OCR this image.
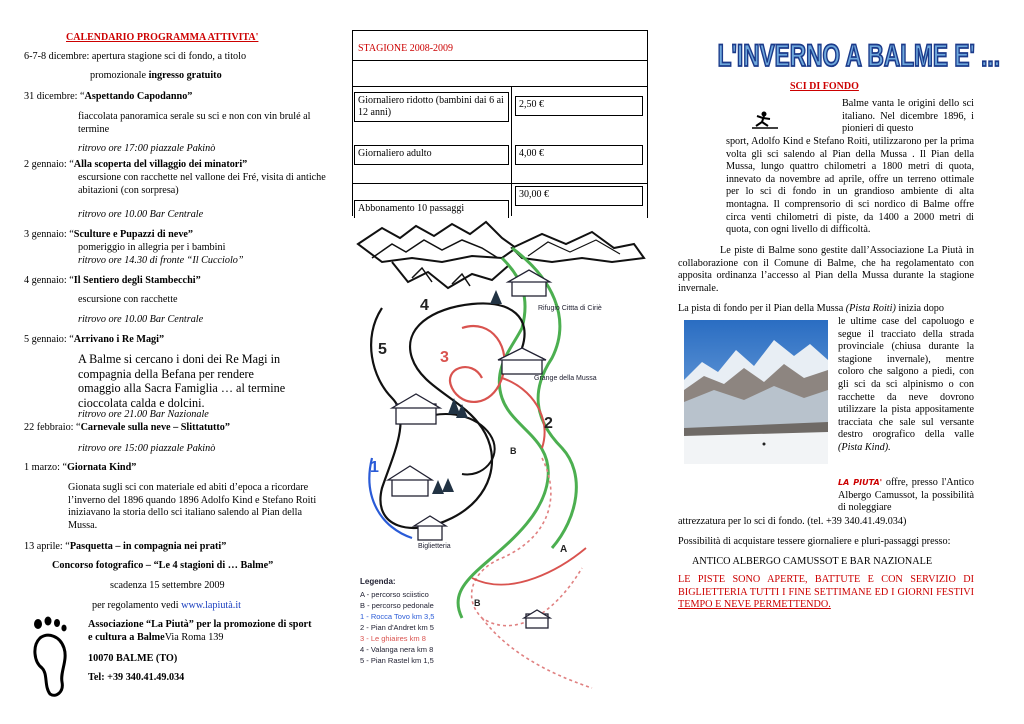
CALENDARIO PROGRAMMA ATTIVITA'
6-7-8 dicembre: apertura stagione sci di fondo, a titolo
promozionale ingresso gratuito
31 dicembre: “Aspettando Capodanno”
fiaccolata panoramica serale su sci e non con vin brulé al termine
ritrovo ore 17:00 piazzale Pakinò
2 gennaio: “Alla scoperta del villaggio dei minatori”
escursione con racchette nel vallone dei Fré, visita di antiche abitazioni (con sorpresa)
ritrovo ore 10.00 Bar Centrale
3 gennaio: “Sculture e Pupazzi di neve”
pomeriggio in allegria per i bambini
ritrovo ore 14.30 di fronte “Il Cucciolo”
4 gennaio: “Il Sentiero degli Stambecchi”
escursione con racchette
ritrovo ore 10.00 Bar Centrale
5 gennaio: “Arrivano i Re Magi”
A Balme si cercano i doni dei Re Magi in compagnia della Befana per rendere omaggio alla Sacra Famiglia … al termine cioccolata calda e dolcini.
ritrovo ore 21.00 Bar Nazionale
22 febbraio: “Carnevale sulla neve – Slittatutto”
ritrovo ore 15:00 piazzale Pakinò
1 marzo: “Giornata Kind”
Gionata sugli sci con materiale ed abiti d’epoca a ricordare l’inverno del 1896 quando 1896 Adolfo Kind e Stefano Roiti iniziavano la storia dello sci italiano salendo al Pian della Mussa.
13 aprile: “Pasquetta – in compagnia nei prati”
Concorso fotografico – “Le 4 stagioni di … Balme”
scadenza 15 settembre 2009
per regolamento vedi www.lapiutà.it
Associazione “La Piutà” per la promozione di sport e cultura a BalmeVia Roma 139
10070 BALME (TO)
Tel: +39 340.41.49.034
STAGIONE 2008-2009
Giornaliero ridotto (bambini dai 6 ai 12 anni)
2,50 €
Giornaliero adulto	4,00 €
Abbonamento 10 passaggi
30,00 €
4
5	3
2
1
B
A
B
Rifugio Cittta di Ciriè
Grange della Mussa
Biglietteria
Legenda:
A - percorso sciistico
B - percorso pedonale
1 - Rocca Tovo km 3,5
2 - Pian d'Andret km 5
3 - Le ghiaires km 8
4 - Valanga nera km 8
5 - Pian Rastel km 1,5
L'INVERNO A BALME E' ...
SCI DI FONDO
Balme vanta le origini dello sci italiano. Nel dicembre 1896, i pionieri di questo
sport, Adolfo Kind e Stefano Roiti, utilizzarono per la prima volta gli sci salendo al Pian della Mussa . Il Pian della Mussa, lungo quattro chilometri a 1800 metri di quota, innevato da novembre ad aprile, offre un terreno ottimale per lo sci di fondo in un grandioso ambiente di alta montagna. Il comprensorio di sci nordico di Balme offre circa venti chilometri di piste, da 1400 a 2000 metri di quota, con ogni livello di difficoltà.
Le piste di Balme sono gestite dall’Associazione La Piutà in collaborazione con il Comune di Balme, che ha regolamentato con apposita ordinanza l’accesso al Pian della Mussa durante la stagione invernale.
La pista di fondo per il Pian della Mussa (Pista Roiti) inizia dopo
le ultime case del capoluogo e segue il tracciato della strada provinciale (chiusa durante la stagione invernale), mentre coloro che salgono a piedi, con gli sci da sci alpinismo o con racchette da neve dovrono utilizzare la pista appositamente tracciata che sale sul versante destro orografico della valle (Pista Kind).
LA PIUTA' offre, presso l'Antico Albergo Camussot, la possibilità di noleggiare
attrezzatura per lo sci di fondo. (tel. +39 340.41.49.034)
Possibilità di acquistare tessere giornaliere e pluri-passaggi presso:
ANTICO ALBERGO CAMUSSOT E BAR NAZIONALE
LE PISTE SONO APERTE, BATTUTE E CON SERVIZIO DI BIGLIETTERIA TUTTI I FINE SETTIMANE ED I GIORNI FESTIVI TEMPO E NEVE PERMETTENDO.
